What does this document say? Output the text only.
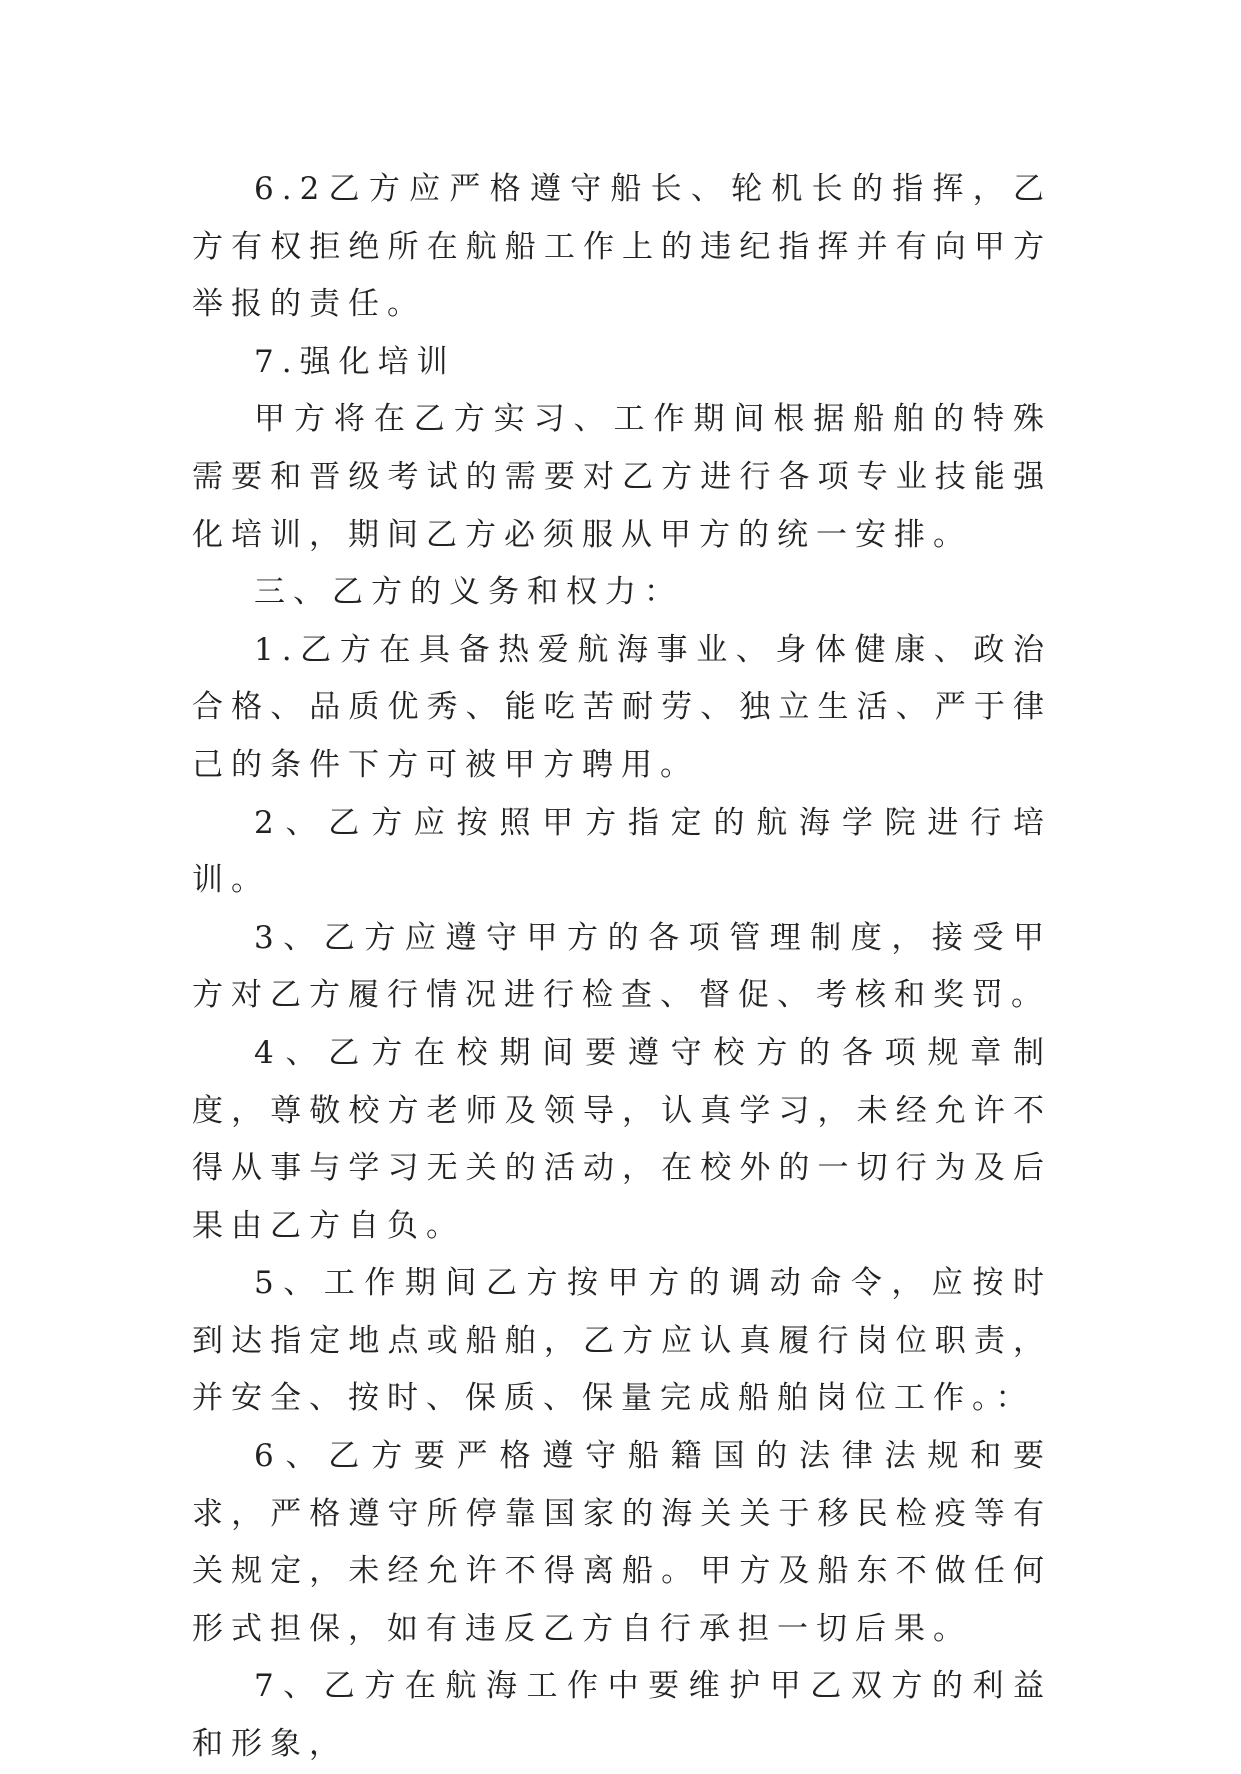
6.2乙方应严格遵守船长、轮机长的指挥，乙方有权拒绝所在航船工作上的违纪指挥并有向甲方举报的责任。

7.强化培训

甲方将在乙方实习、工作期间根据船舶的特殊需要和晋级考试的需要对乙方进行各项专业技能强化培训，期间乙方必须服从甲方的统一安排。

三、乙方的义务和权力：

1.乙方在具备热爱航海事业、身体健康、政治合格、品质优秀、能吃苦耐劳、独立生活、严于律己的条件下方可被甲方聘用。

2、乙方应按照甲方指定的航海学院进行培训。

3、乙方应遵守甲方的各项管理制度，接受甲方对乙方履行情况进行检查、督促、考核和奖罚。

4、乙方在校期间要遵守校方的各项规章制度，尊敬校方老师及领导，认真学习，未经允许不得从事与学习无关的活动，在校外的一切行为及后果由乙方自负。

5、工作期间乙方按甲方的调动命令，应按时到达指定地点或船舶，乙方应认真履行岗位职责，并安全、按时、保质、保量完成船舶岗位工作。：

6、乙方要严格遵守船籍国的法律法规和要求，严格遵守所停靠国家的海关关于移民检疫等有关规定，未经允许不得离船。甲方及船东不做任何形式担保，如有违反乙方自行承担一切后果。

7、乙方在航海工作中要维护甲乙双方的利益和形象，
